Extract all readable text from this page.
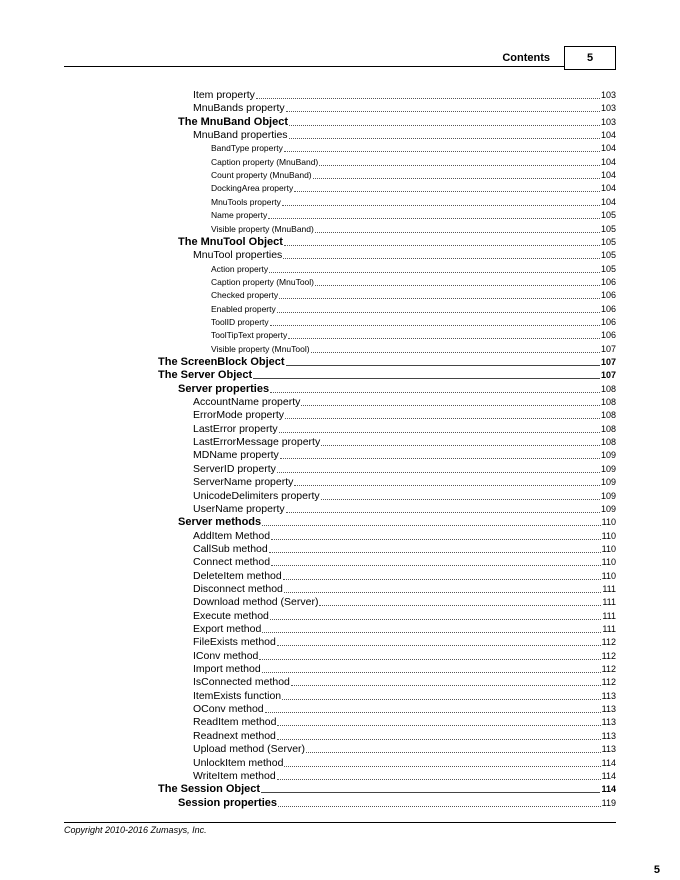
Contents	5
Item property	103
MnuBands property	103
The MnuBand Object	103
MnuBand properties	104
BandType property	104
Caption property (MnuBand)	104
Count property (MnuBand)	104
DockingArea property	104
MnuTools property	104
Name property	105
Visible property (MnuBand)	105
The MnuTool Object	105
MnuTool properties	105
Action property	105
Caption property (MnuTool)	106
Checked property	106
Enabled property	106
ToolID property	106
ToolTipText property	106
Visible property (MnuTool)	107
The ScreenBlock Object	107
The Server Object	107
Server properties	108
AccountName property	108
ErrorMode property	108
LastError property	108
LastErrorMessage property	108
MDName property	109
ServerID property	109
ServerName property	109
UnicodeDelimiters property	109
UserName property	109
Server methods	110
AddItem Method	110
CallSub method	110
Connect method	110
DeleteItem method	110
Disconnect method	111
Download method (Server)	111
Execute method	111
Export method	111
FileExists method	112
IConv method	112
Import method	112
IsConnected method	112
ItemExists function	113
OConv method	113
ReadItem method	113
Readnext method	113
Upload method (Server)	113
UnlockItem method	114
WriteItem method	114
The Session Object	114
Session properties	119
Copyright 2010-2016 Zumasys, Inc.
5
